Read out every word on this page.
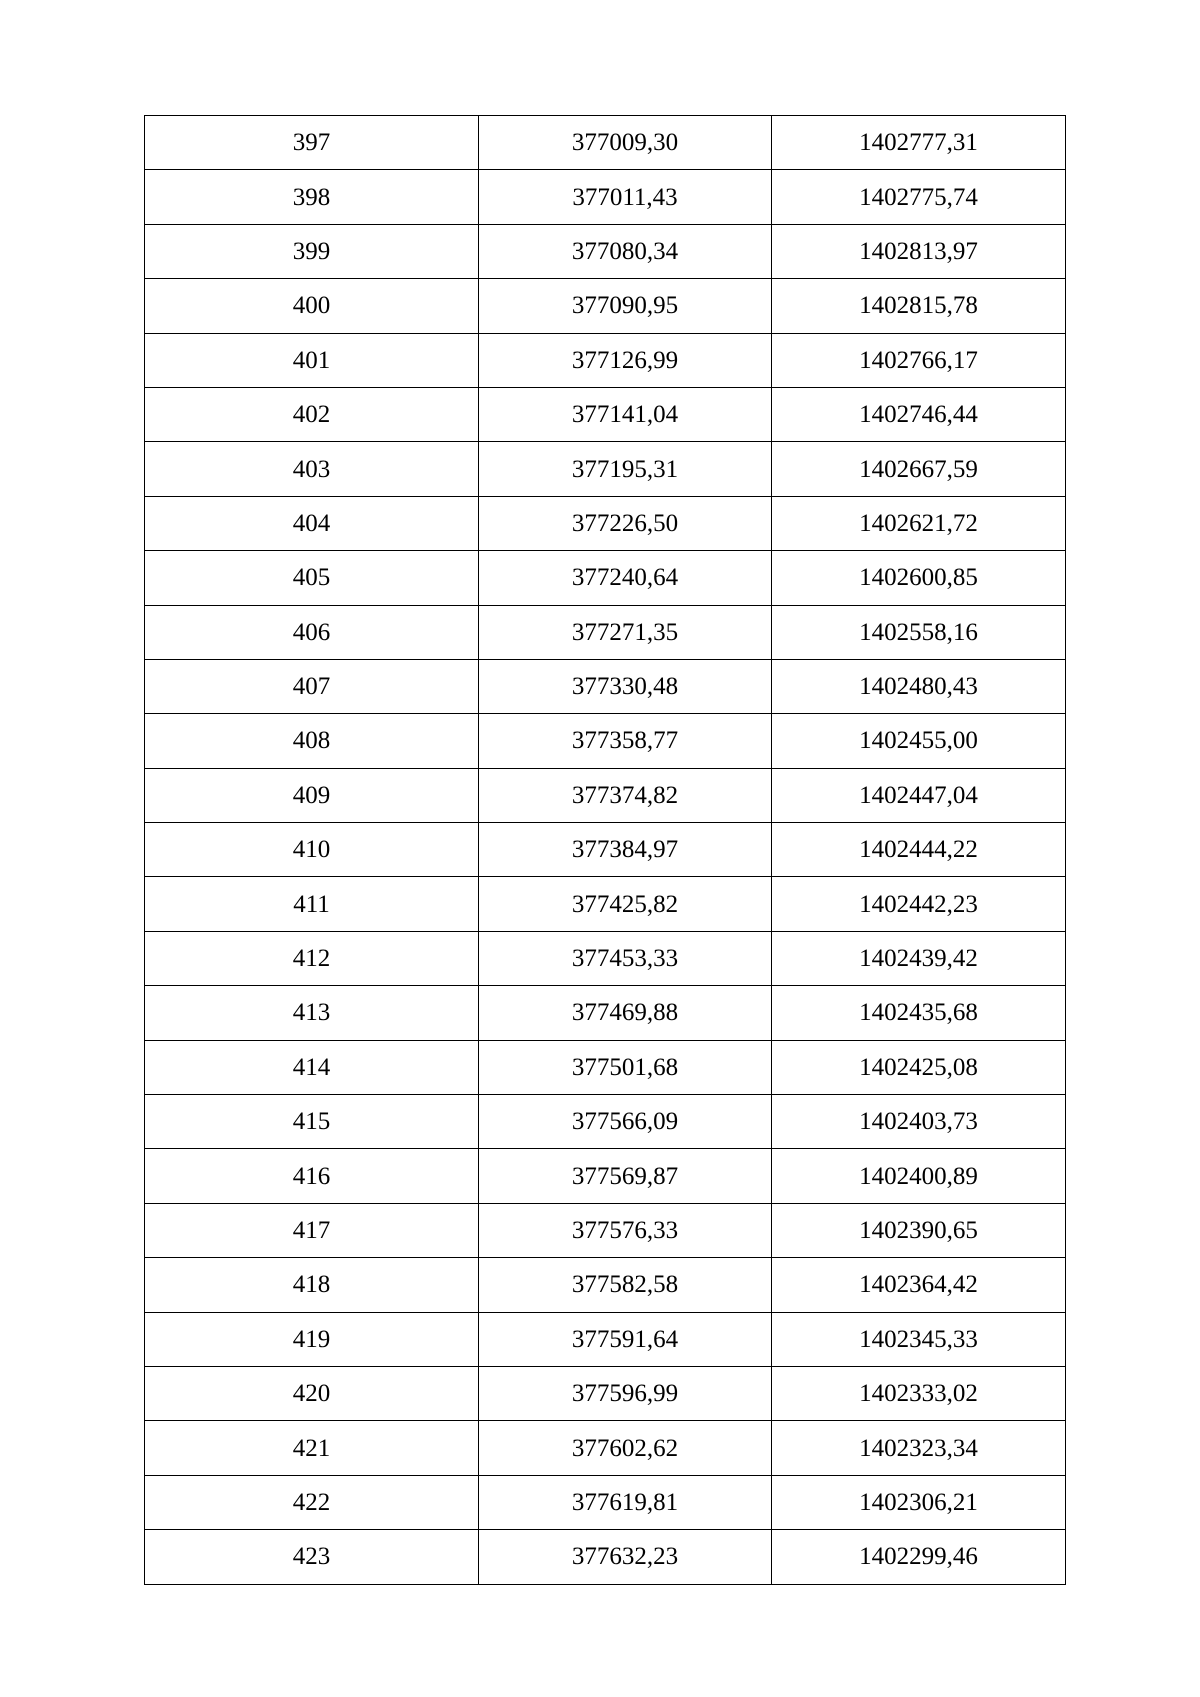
397	377009,30	1402777,31
398	377011,43	1402775,74
399	377080,34	1402813,97
400	377090,95	1402815,78
401	377126,99	1402766,17
402	377141,04	1402746,44
403	377195,31	1402667,59
404	377226,50	1402621,72
405	377240,64	1402600,85
406	377271,35	1402558,16
407	377330,48	1402480,43
408	377358,77	1402455,00
409	377374,82	1402447,04
410	377384,97	1402444,22
411	377425,82	1402442,23
412	377453,33	1402439,42
413	377469,88	1402435,68
414	377501,68	1402425,08
415	377566,09	1402403,73
416	377569,87	1402400,89
417	377576,33	1402390,65
418	377582,58	1402364,42
419	377591,64	1402345,33
420	377596,99	1402333,02
421	377602,62	1402323,34
422	377619,81	1402306,21
423	377632,23	1402299,46
